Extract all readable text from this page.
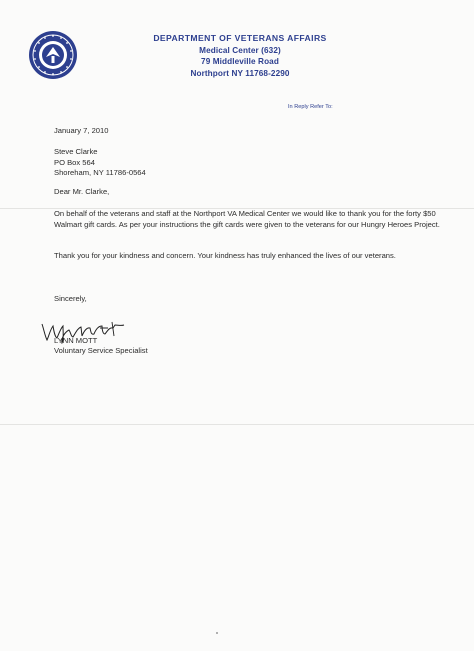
DEPARTMENT OF VETERANS AFFAIRS
Medical Center (632)
79 Middleville Road
Northport NY 11768-2290
In Reply Refer To:
January 7, 2010
Steve Clarke
PO Box 564
Shoreham, NY 11786-0564
Dear Mr. Clarke,
On behalf of the veterans and staff at the Northport VA Medical Center we would like to thank you for the forty $50 Walmart gift cards. As per your instructions the gift cards were given to the veterans for our Hungry Heroes Project.
Thank you for your kindness and concern. Your kindness has truly enhanced the lives of our veterans.
Sincerely,
LYNN MOTT
Voluntary Service Specialist
